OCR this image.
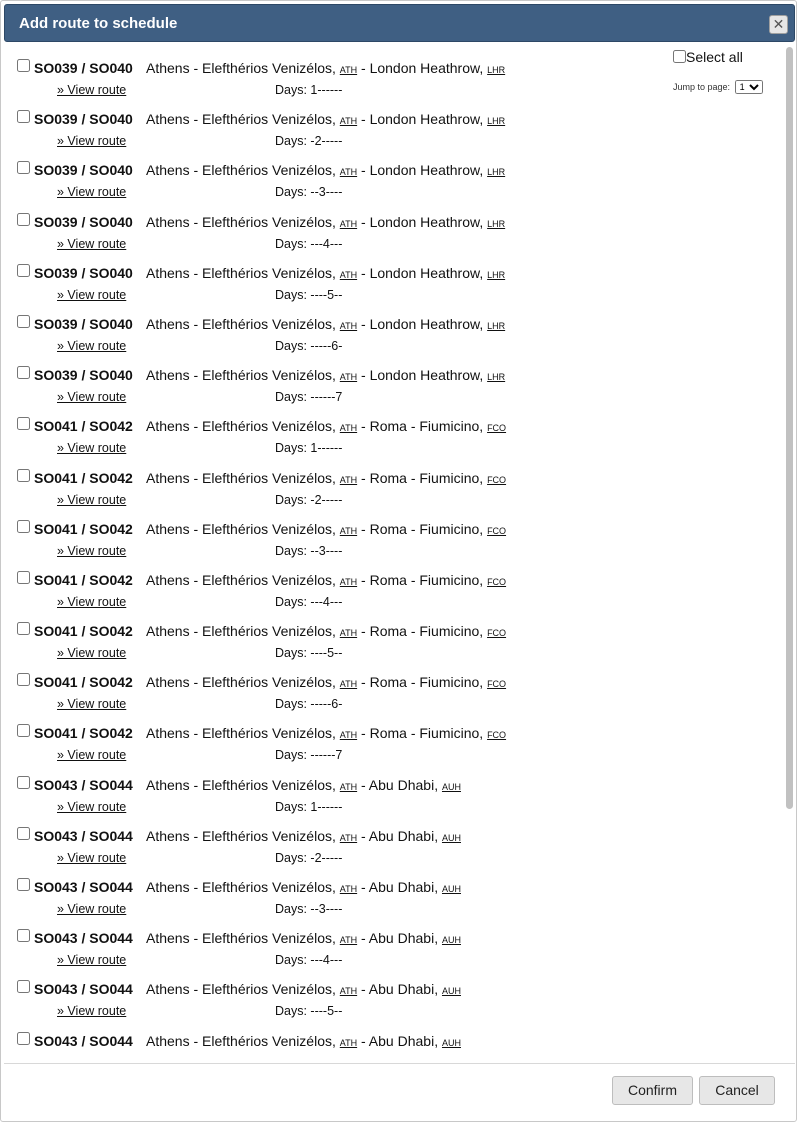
Add route to schedule	✕
SO039 / SO040 Athens - Elefthérios Venizélos, ATH - London Heathrow, LHR
» View route	Days: 1------
SO039 / SO040 Athens - Elefthérios Venizélos, ATH - London Heathrow, LHR
» View route	Days: -2-----
SO039 / SO040 Athens - Elefthérios Venizélos, ATH - London Heathrow, LHR
» View route	Days: --3----
SO039 / SO040 Athens - Elefthérios Venizélos, ATH - London Heathrow, LHR
» View route	Days: ---4---
SO039 / SO040 Athens - Elefthérios Venizélos, ATH - London Heathrow, LHR
» View route	Days: ----5--
SO039 / SO040 Athens - Elefthérios Venizélos, ATH - London Heathrow, LHR
» View route	Days: -----6-
SO039 / SO040 Athens - Elefthérios Venizélos, ATH - London Heathrow, LHR
» View route	Days: ------7
SO041 / SO042 Athens - Elefthérios Venizélos, ATH - Roma - Fiumicino, FCO
» View route	Days: 1------
SO041 / SO042 Athens - Elefthérios Venizélos, ATH - Roma - Fiumicino, FCO
» View route	Days: -2-----
SO041 / SO042 Athens - Elefthérios Venizélos, ATH - Roma - Fiumicino, FCO
» View route	Days: --3----
SO041 / SO042 Athens - Elefthérios Venizélos, ATH - Roma - Fiumicino, FCO
» View route	Days: ---4---
SO041 / SO042 Athens - Elefthérios Venizélos, ATH - Roma - Fiumicino, FCO
» View route	Days: ----5--
SO041 / SO042 Athens - Elefthérios Venizélos, ATH - Roma - Fiumicino, FCO
» View route	Days: -----6-
SO041 / SO042 Athens - Elefthérios Venizélos, ATH - Roma - Fiumicino, FCO
» View route	Days: ------7
SO043 / SO044 Athens - Elefthérios Venizélos, ATH - Abu Dhabi, AUH
» View route	Days: 1------
SO043 / SO044 Athens - Elefthérios Venizélos, ATH - Abu Dhabi, AUH
» View route	Days: -2-----
SO043 / SO044 Athens - Elefthérios Venizélos, ATH - Abu Dhabi, AUH
» View route	Days: --3----
SO043 / SO044 Athens - Elefthérios Venizélos, ATH - Abu Dhabi, AUH
» View route	Days: ---4---
SO043 / SO044 Athens - Elefthérios Venizélos, ATH - Abu Dhabi, AUH
» View route	Days: ----5--
SO043 / SO044 Athens - Elefthérios Venizélos, ATH - Abu Dhabi, AUH
Select all
Jump to page:
1
Confirm	Cancel
